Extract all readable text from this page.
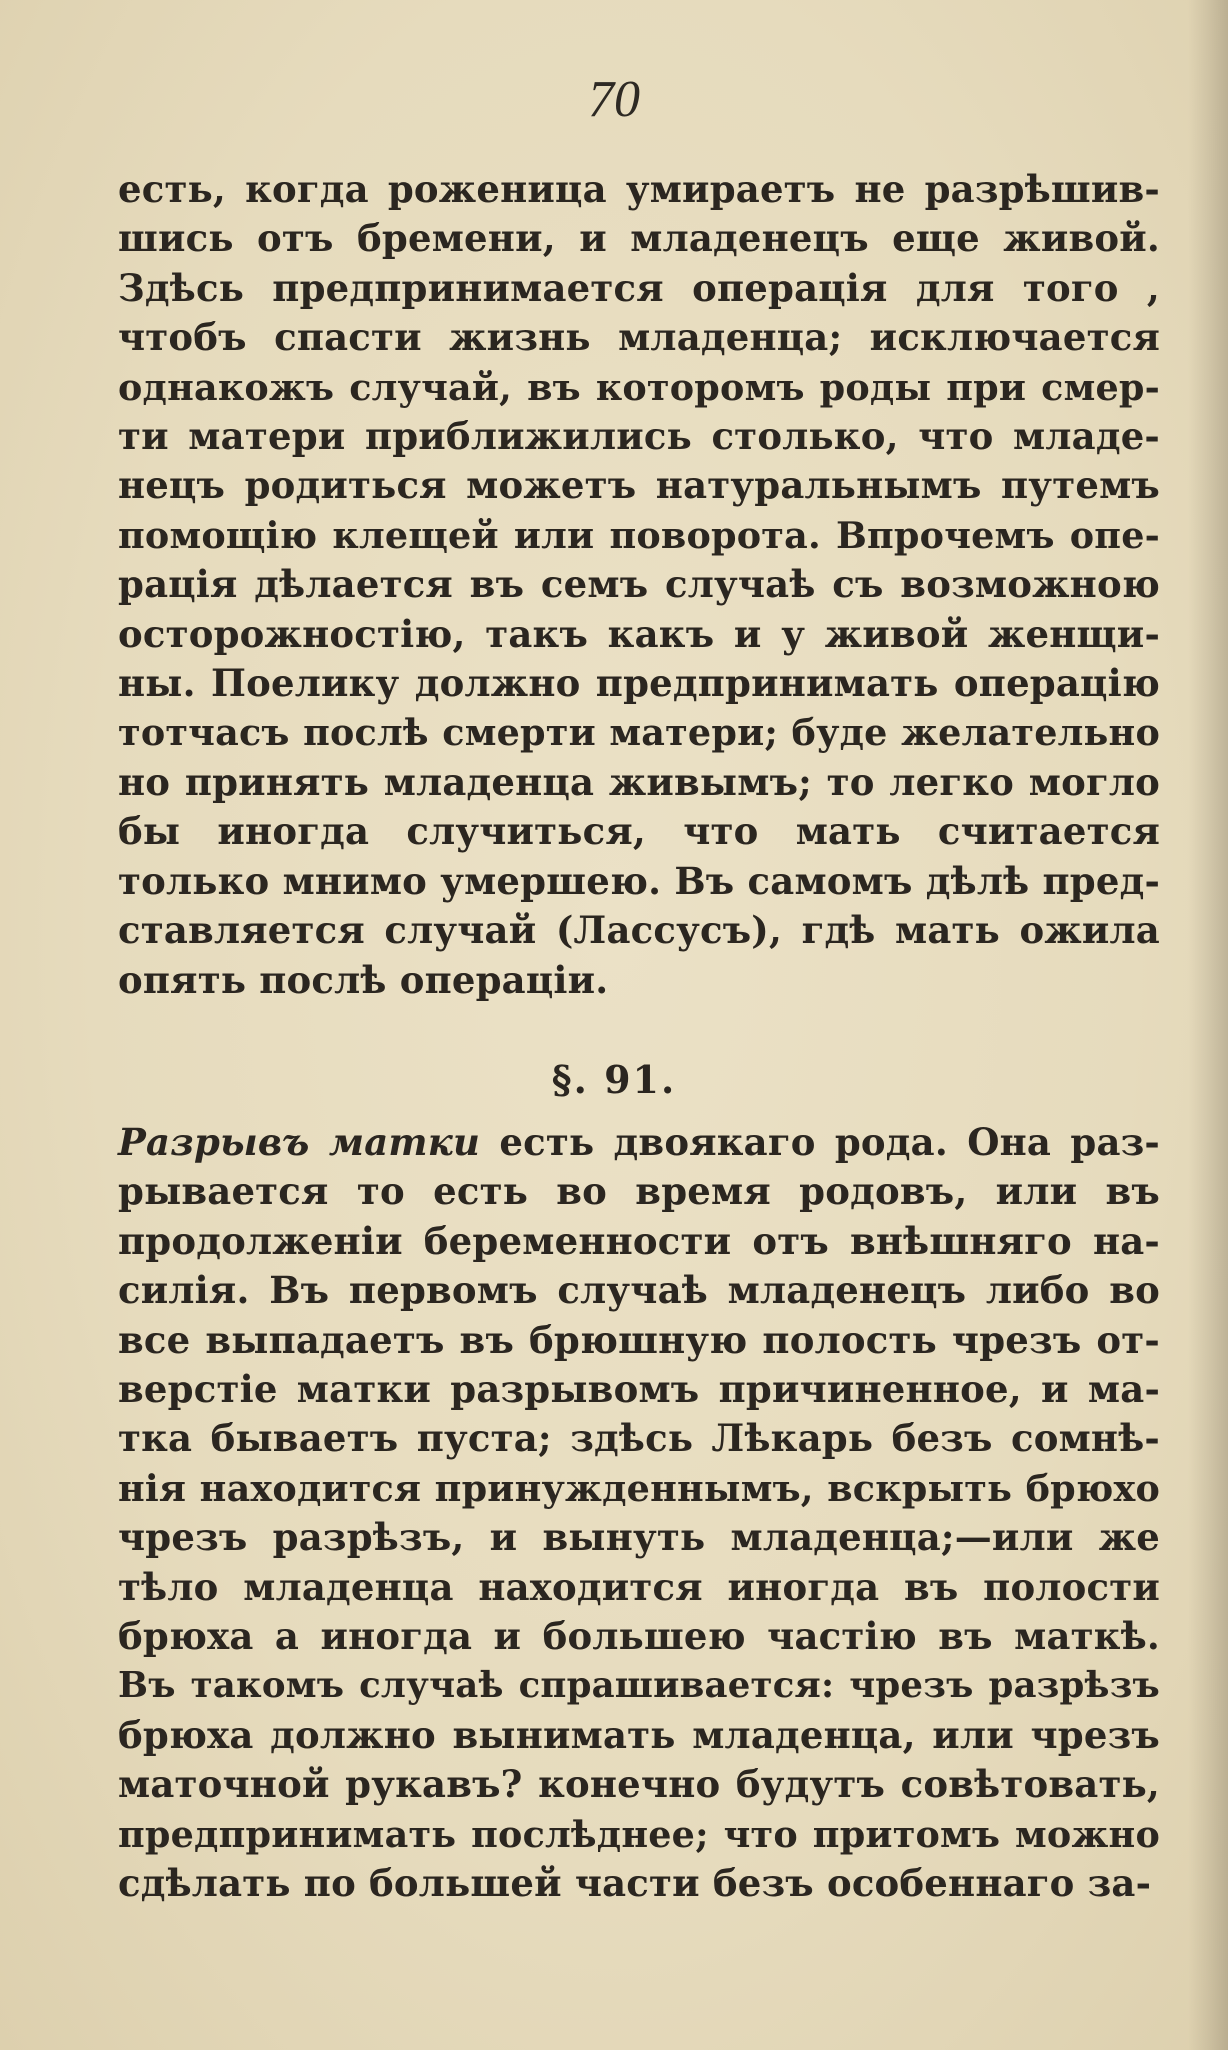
70
есть, когда роженица умираетъ не разрѣшив-
шись отъ бремени, и младенецъ еще живой.
Здѣсь предпринимается операція для того ,
чтобъ спасти жизнь младенца; исключается
однакожъ случай, въ которомъ роды при смер-
ти матери приближились столько, что младе-
нецъ родиться можетъ натуральнымъ путемъ
помощію клещей или поворота. Впрочемъ опе-
рація дѣлается въ семъ случаѣ съ возможною
осторожностію, такъ какъ и у живой женщи-
ны. Поелику должно предпринимать операцію
тотчасъ послѣ смерти матери; буде желательно
но принять младенца живымъ; то легко могло
бы иногда случиться, что мать считается
только мнимо умершею. Въ самомъ дѣлѣ пред-
ставляется случай (Лассусъ), гдѣ мать ожила
опять послѣ операціи.
§. 91.
Разрывъ матки есть двоякаго рода. Она раз-
рывается то есть во время родовъ, или въ
продолженіи беременности отъ внѣшняго на-
силія. Въ первомъ случаѣ младенецъ либо во
все выпадаетъ въ брюшную полость чрезъ от-
верстіе матки разрывомъ причиненное, и ма-
тка бываетъ пуста; здѣсь Лѣкарь безъ сомнѣ-
нія находится принужденнымъ, вскрыть брюхо
чрезъ разрѣзъ, и вынуть младенца;—или же
тѣло младенца находится иногда въ полости
брюха а иногда и большею частію въ маткѣ.
Въ такомъ случаѣ спрашивается: чрезъ разрѣзъ
брюха должно вынимать младенца, или чрезъ
маточной рукавъ? конечно будутъ совѣтовать,
предпринимать послѣднее; что притомъ можно
сдѣлать по большей части безъ особеннаго за-
